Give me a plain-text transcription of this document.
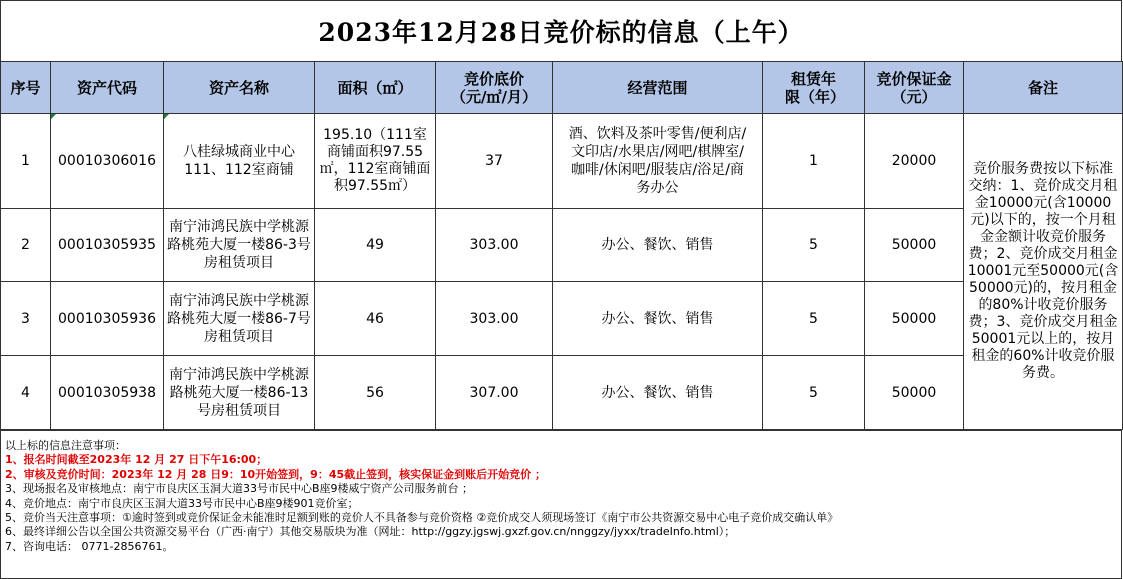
2023年12月28日竞价标的信息（上午）
序号	资产代码	资产名称	面积（㎡）	竞价底价（元/㎡/月）	经营范围	租赁年限（年）	竞价保证金（元）	备注
1	00010306016	八桂绿城商业中心111、112室商铺	195.10（111室商铺面积97.55㎡，112室商铺面积97.55㎡）	37	酒、饮料及茶叶零售/便利店/文印店/水果店/网吧/棋牌室/咖啡/休闲吧/服装店/浴足/商务办公	1	20000	竞价服务费按以下标准交纳：1、竞价成交月租金10000元(含10000元)以下的，按一个月租金金额计收竞价服务费；2、竞价成交月租金10001元至50000元(含50000元)的，按月租金的80%计收竞价服务费；3、竞价成交月租金50001元以上的，按月租金的60%计收竞价服务费。
2	00010305935	南宁沛鸿民族中学桃源路桃苑大厦一楼86-3号房租赁项目	49	303.00	办公、餐饮、销售	5	50000	
3	00010305936	南宁沛鸿民族中学桃源路桃苑大厦一楼86-7号房租赁项目	46	303.00	办公、餐饮、销售	5	50000	
4	00010305938	南宁沛鸿民族中学桃源路桃苑大厦一楼86-13号房租赁项目	56	307.00	办公、餐饮、销售	5	50000	
以上标的信息注意事项：
1、报名时间截至2023年 12 月 27 日下午16:00；
2、审核及竞价时间：2023年 12 月 28 日9：10开始签到，9：45截止签到，核实保证金到账后开始竞价 ；
3、现场报名及审核地点：南宁市良庆区玉洞大道33号市民中心B座9楼威宁资产公司服务前台 ；
4、竞价地点：南宁市良庆区玉洞大道33号市民中心B座9楼901竞价室；
5、竞价当天注意事项：①逾时签到或竞价保证金未能准时足额到账的竞价人不具备参与竞价资格 ②竞价成交人须现场签订《南宁市公共资源交易中心电子竞价成交确认单》
6、最终详细公告以全国公共资源交易平台（广西·南宁）其他交易版块为准（网址：http://ggzy.jgswj.gxzf.gov.cn/nnggzy/jyxx/tradeInfo.html）；
7、咨询电话： 0771-2856761。
